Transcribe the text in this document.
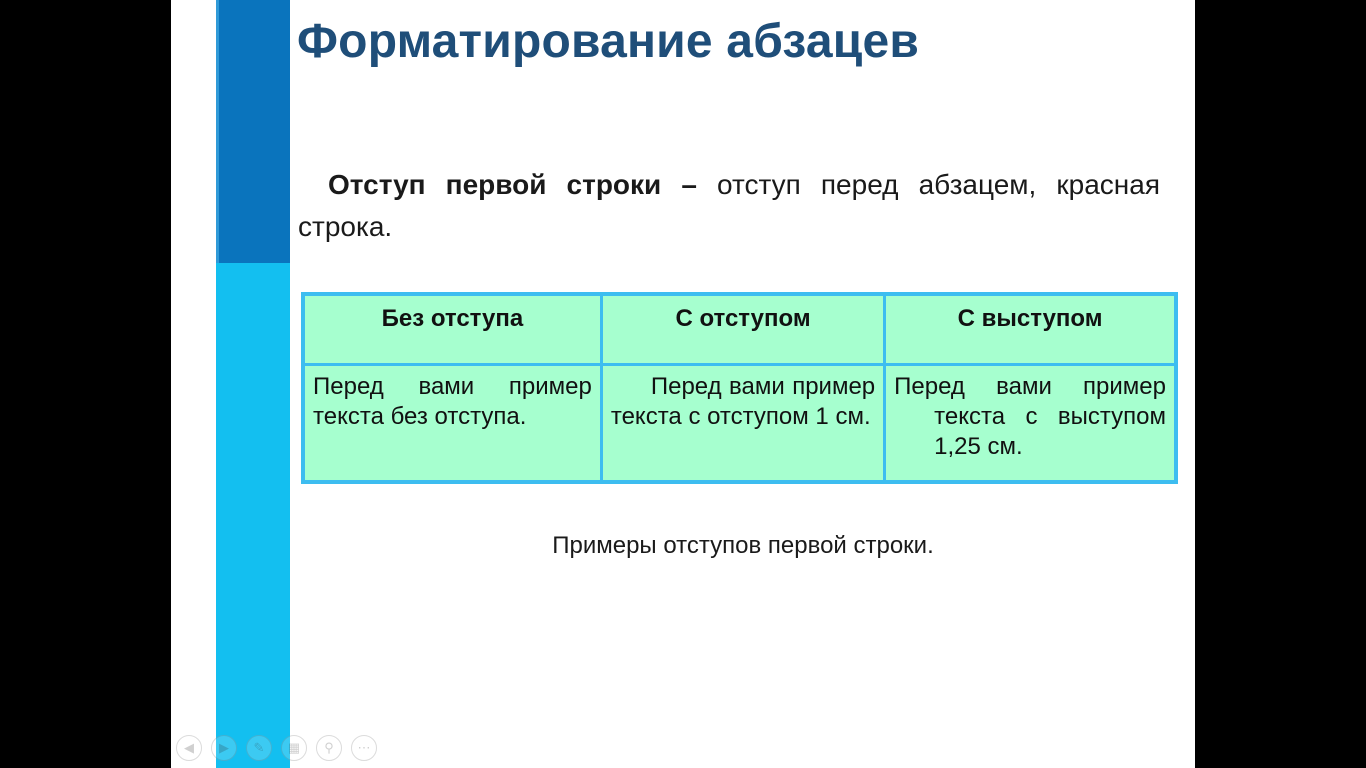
Форматирование абзацев

Отступ первой строки – отступ перед абзацем, красная строка.

Без отступа	С отступом	С выступом
Перед вами пример текста без отступа.	Перед вами пример текста с отступом 1 см.	Перед вами пример текста с выступом 1,25 см.

Примеры отступов первой строки.

◀	▶	✎	▦	⚲	⋯
